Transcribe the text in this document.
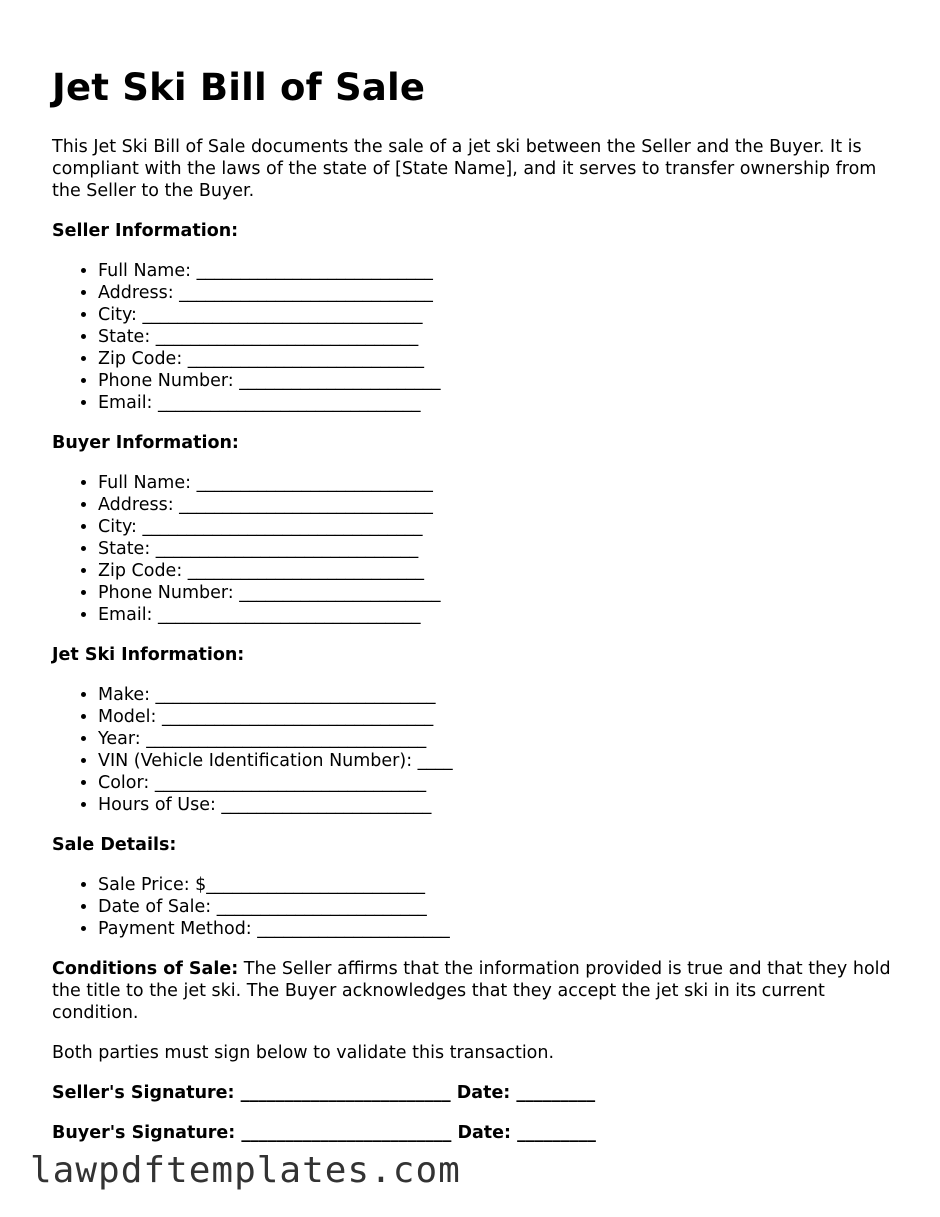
Jet Ski Bill of Sale

This Jet Ski Bill of Sale documents the sale of a jet ski between the Seller and the Buyer. It is compliant with the laws of the state of [State Name], and it serves to transfer ownership from the Seller to the Buyer.

Seller Information:
• Full Name: ___________________________
• Address: _____________________________
• City: ________________________________
• State: ______________________________
• Zip Code: ___________________________
• Phone Number: _______________________
• Email: ______________________________
Buyer Information:
• Full Name: ___________________________
• Address: _____________________________
• City: ________________________________
• State: ______________________________
• Zip Code: ___________________________
• Phone Number: _______________________
• Email: ______________________________
Jet Ski Information:
• Make: ________________________________
• Model: _______________________________
• Year: ________________________________
• VIN (Vehicle Identification Number): ____
• Color: _______________________________
• Hours of Use: ________________________
Sale Details:
• Sale Price: $_________________________
• Date of Sale: ________________________
• Payment Method: ______________________

Conditions of Sale: The Seller affirms that the information provided is true and that they hold the title to the jet ski. The Buyer acknowledges that they accept the jet ski in its current condition.

Both parties must sign below to validate this transaction.

Seller's Signature: ________________________ Date: _________
Buyer's Signature: ________________________ Date: _________
lawpdftemplates.com
